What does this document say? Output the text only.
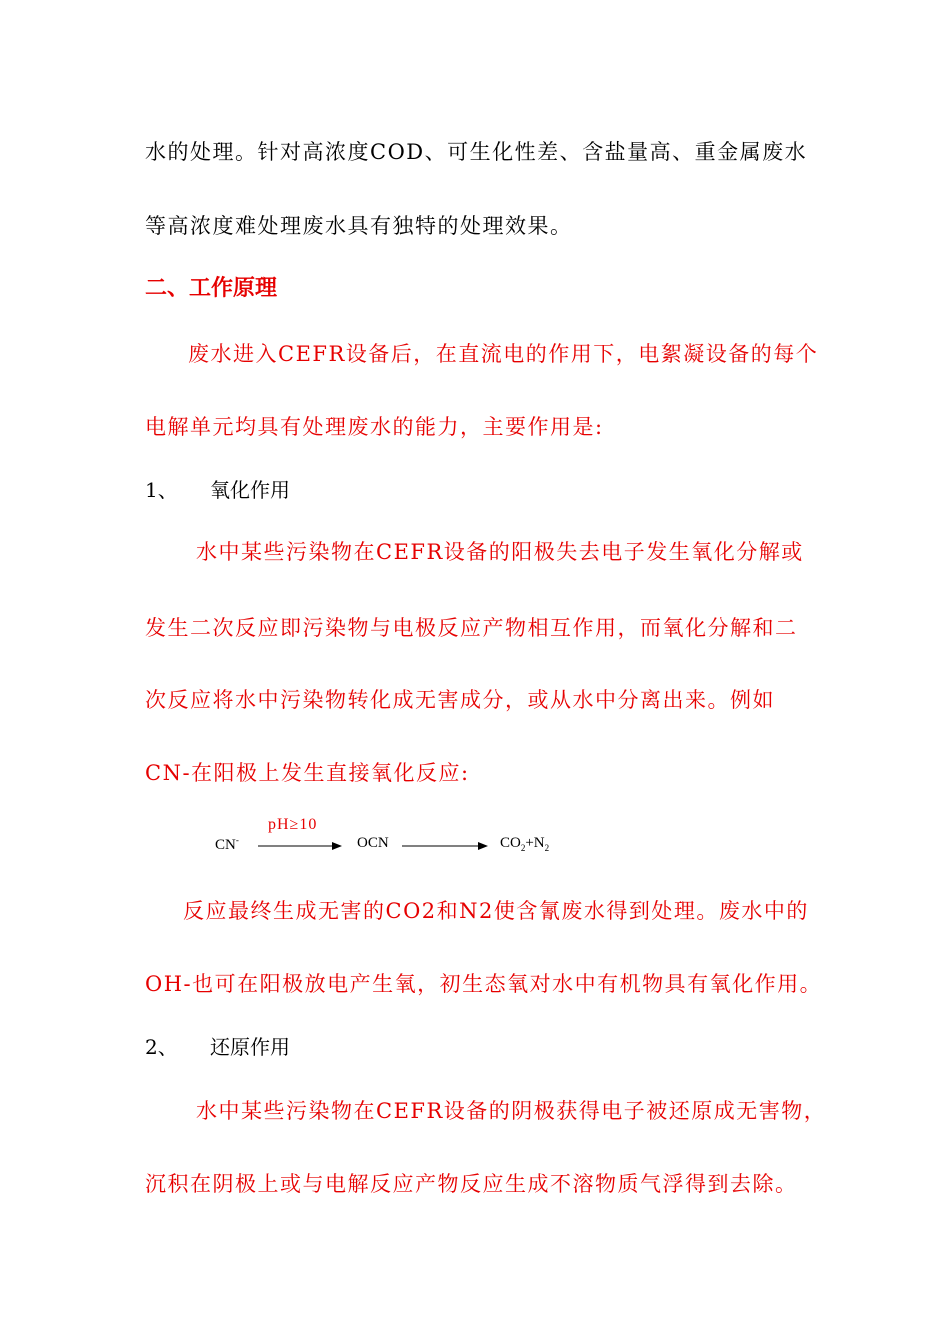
水的处理。针对高浓度COD、可生化性差、含盐量高、重金属废水
等高浓度难处理废水具有独特的处理效果。
二、工作原理
废水进入CEFR设备后，在直流电的作用下，电絮凝设备的每个
电解单元均具有处理废水的能力，主要作用是:
1、 氧化作用
水中某些污染物在CEFR设备的阳极失去电子发生氧化分解或
发生二次反应即污染物与电极反应产物相互作用，而氧化分解和二
次反应将水中污染物转化成无害成分，或从水中分离出来。例如
CN-在阳极上发生直接氧化反应:
CN-
pH≥10
OCN	$CO_2+N_2$
反应最终生成无害的CO2和N2使含氰废水得到处理。废水中的
OH-也可在阳极放电产生氧，初生态氧对水中有机物具有氧化作用。
2、 还原作用
水中某些污染物在CEFR设备的阴极获得电子被还原成无害物，
沉积在阴极上或与电解反应产物反应生成不溶物质气浮得到去除。
